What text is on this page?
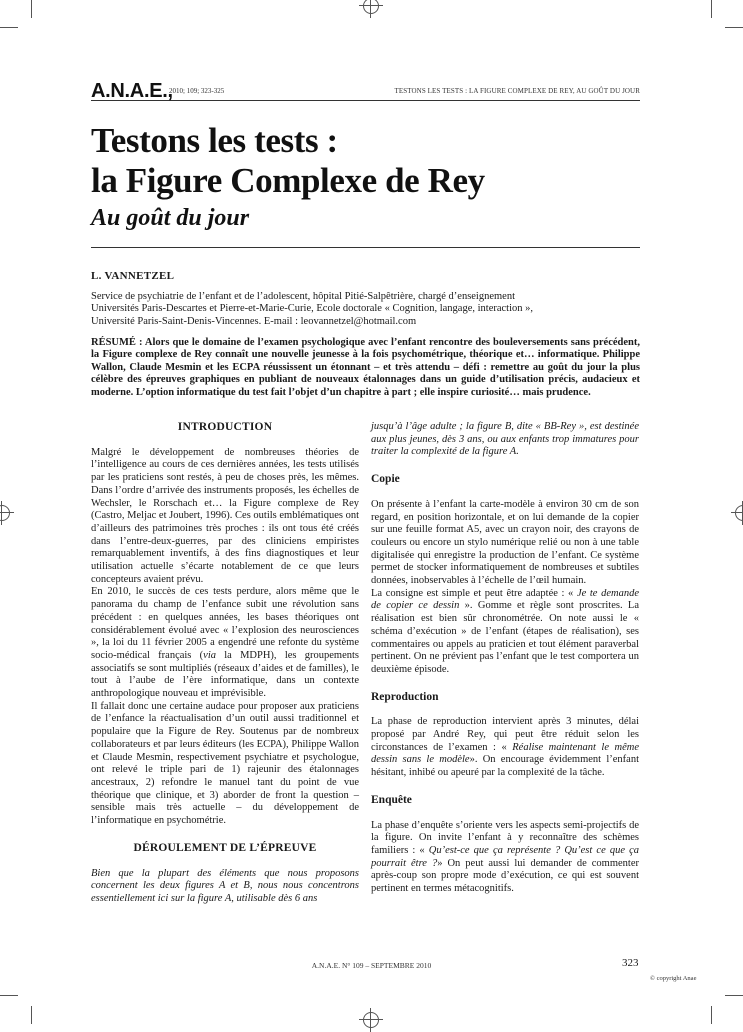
A.N.A.E.,
2010; 109; 323-325	TESTONS LES TESTS : LA FIGURE COMPLEXE DE REY, AU GOÛT DU JOUR
Testons les tests :
la Figure Complexe de Rey
Au goût du jour
L. VANNETZEL
Service de psychiatrie de l’enfant et de l’adolescent, hôpital Pitié-Salpêtrière, chargé d’enseignement
Universités Paris-Descartes et Pierre-et-Marie-Curie, Ecole doctorale « Cognition, langage, interaction »,
Université Paris-Saint-Denis-Vincennes. E-mail : leovannetzel@hotmail.com

RÉSUMÉ : Alors que le domaine de l’examen psychologique avec l’enfant rencontre des bouleversements sans précédent, la Figure complexe de Rey connaît une nouvelle jeunesse à la fois psychométrique, théorique et… informatique. Philippe Wallon, Claude Mesmin et les ECPA réussissent un étonnant – et très attendu – défi : remettre au goût du jour la plus célèbre des épreuves graphiques en publiant de nouveaux étalonnages dans un guide d’utilisation précis, audacieux et moderne. L’option informatique du test fait l’objet d’un chapitre à part ; elle inspire curiosité… mais prudence.

INTRODUCTION

Malgré le développement de nombreuses théories de l’intelligence au cours de ces dernières années, les tests utilisés par les praticiens sont restés, à peu de choses près, les mêmes. Dans l’ordre d’arrivée des instruments proposés, les échelles de Wechsler, le Rorschach et… la Figure complexe de Rey (Castro, Meljac et Joubert, 1996). Ces outils emblématiques ont d’ailleurs des patrimoines très proches : ils ont tous été créés dans l’entre-deux-guerres, par des cliniciens empiristes remarquablement inventifs, à des fins diagnostiques et leur utilisation actuelle s’écarte notablement de ce que leurs concepteurs avaient prévu.

En 2010, le succès de ces tests perdure, alors même que le panorama du champ de l’enfance subit une révolution sans précédent : en quelques années, les bases théoriques ont considérablement évolué avec « l’explosion des neurosciences », la loi du 11 février 2005 a engendré une refonte du système socio-médical français (via la MDPH), les groupements associatifs se sont multipliés (réseaux d’aides et de familles), le tout à l’aube de l’ère informatique, dans un contexte anthropologique nouveau et imprévisible.

Il fallait donc une certaine audace pour proposer aux praticiens de l’enfance la réactualisation d’un outil aussi traditionnel et populaire que la Figure de Rey. Soutenus par de nombreux collaborateurs et par leurs éditeurs (les ECPA), Philippe Wallon et Claude Mesmin, respectivement psychiatre et psychologue, ont relevé le triple pari de 1) rajeunir des étalonnages ancestraux, 2) refondre le manuel tant du point de vue théorique que clinique, et 3) aborder de front la question – sensible mais très actuelle – du développement de l’informatique en psychométrie.

DÉROULEMENT DE L’ÉPREUVE

Bien que la plupart des éléments que nous proposons concernent les deux figures A et B, nous nous concentrons essentiellement ici sur la figure A, utilisable dès 6 ans

jusqu’à l’âge adulte ; la figure B, dite « BB-Rey », est destinée aux plus jeunes, dès 3 ans, ou aux enfants trop immatures pour traiter la complexité de la figure A.

Copie

On présente à l’enfant la carte-modèle à environ 30 cm de son regard, en position horizontale, et on lui demande de la copier sur une feuille format A5, avec un crayon noir, des crayons de couleurs ou encore un stylo numérique relié ou non à une table digitalisée qui enregistre la production de l’enfant. Ce système permet de stocker informatiquement de nombreuses et subtiles données, inobservables à l’échelle de l’œil humain.

La consigne est simple et peut être adaptée : « Je te demande de copier ce dessin ». Gomme et règle sont proscrites. La réalisation est bien sûr chronométrée. On note aussi le « schéma d’exécution » de l’enfant (étapes de réalisation), ses commentaires ou appels au praticien et tout élément paraverbal pertinent. On ne prévient pas l’enfant que le test comportera un deuxième épisode.

Reproduction

La phase de reproduction intervient après 3 minutes, délai proposé par André Rey, qui peut être réduit selon les circonstances de l’examen : « Réalise maintenant le même dessin sans le modèle». On encourage évidemment l’enfant hésitant, inhibé ou apeuré par la complexité de la tâche.

Enquête

La phase d’enquête s’oriente vers les aspects semi-projectifs de la figure. On invite l’enfant à y reconnaître des schèmes familiers : « Qu’est-ce que ça représente ? Qu’est ce que ça pourrait être ?» On peut aussi lui demander de commenter après-coup son propre mode d’exécution, ce qui est souvent pertinent en termes métacognitifs.

A.N.A.E. N° 109 – SEPTEMBRE 2010	323
© copyright Anae
